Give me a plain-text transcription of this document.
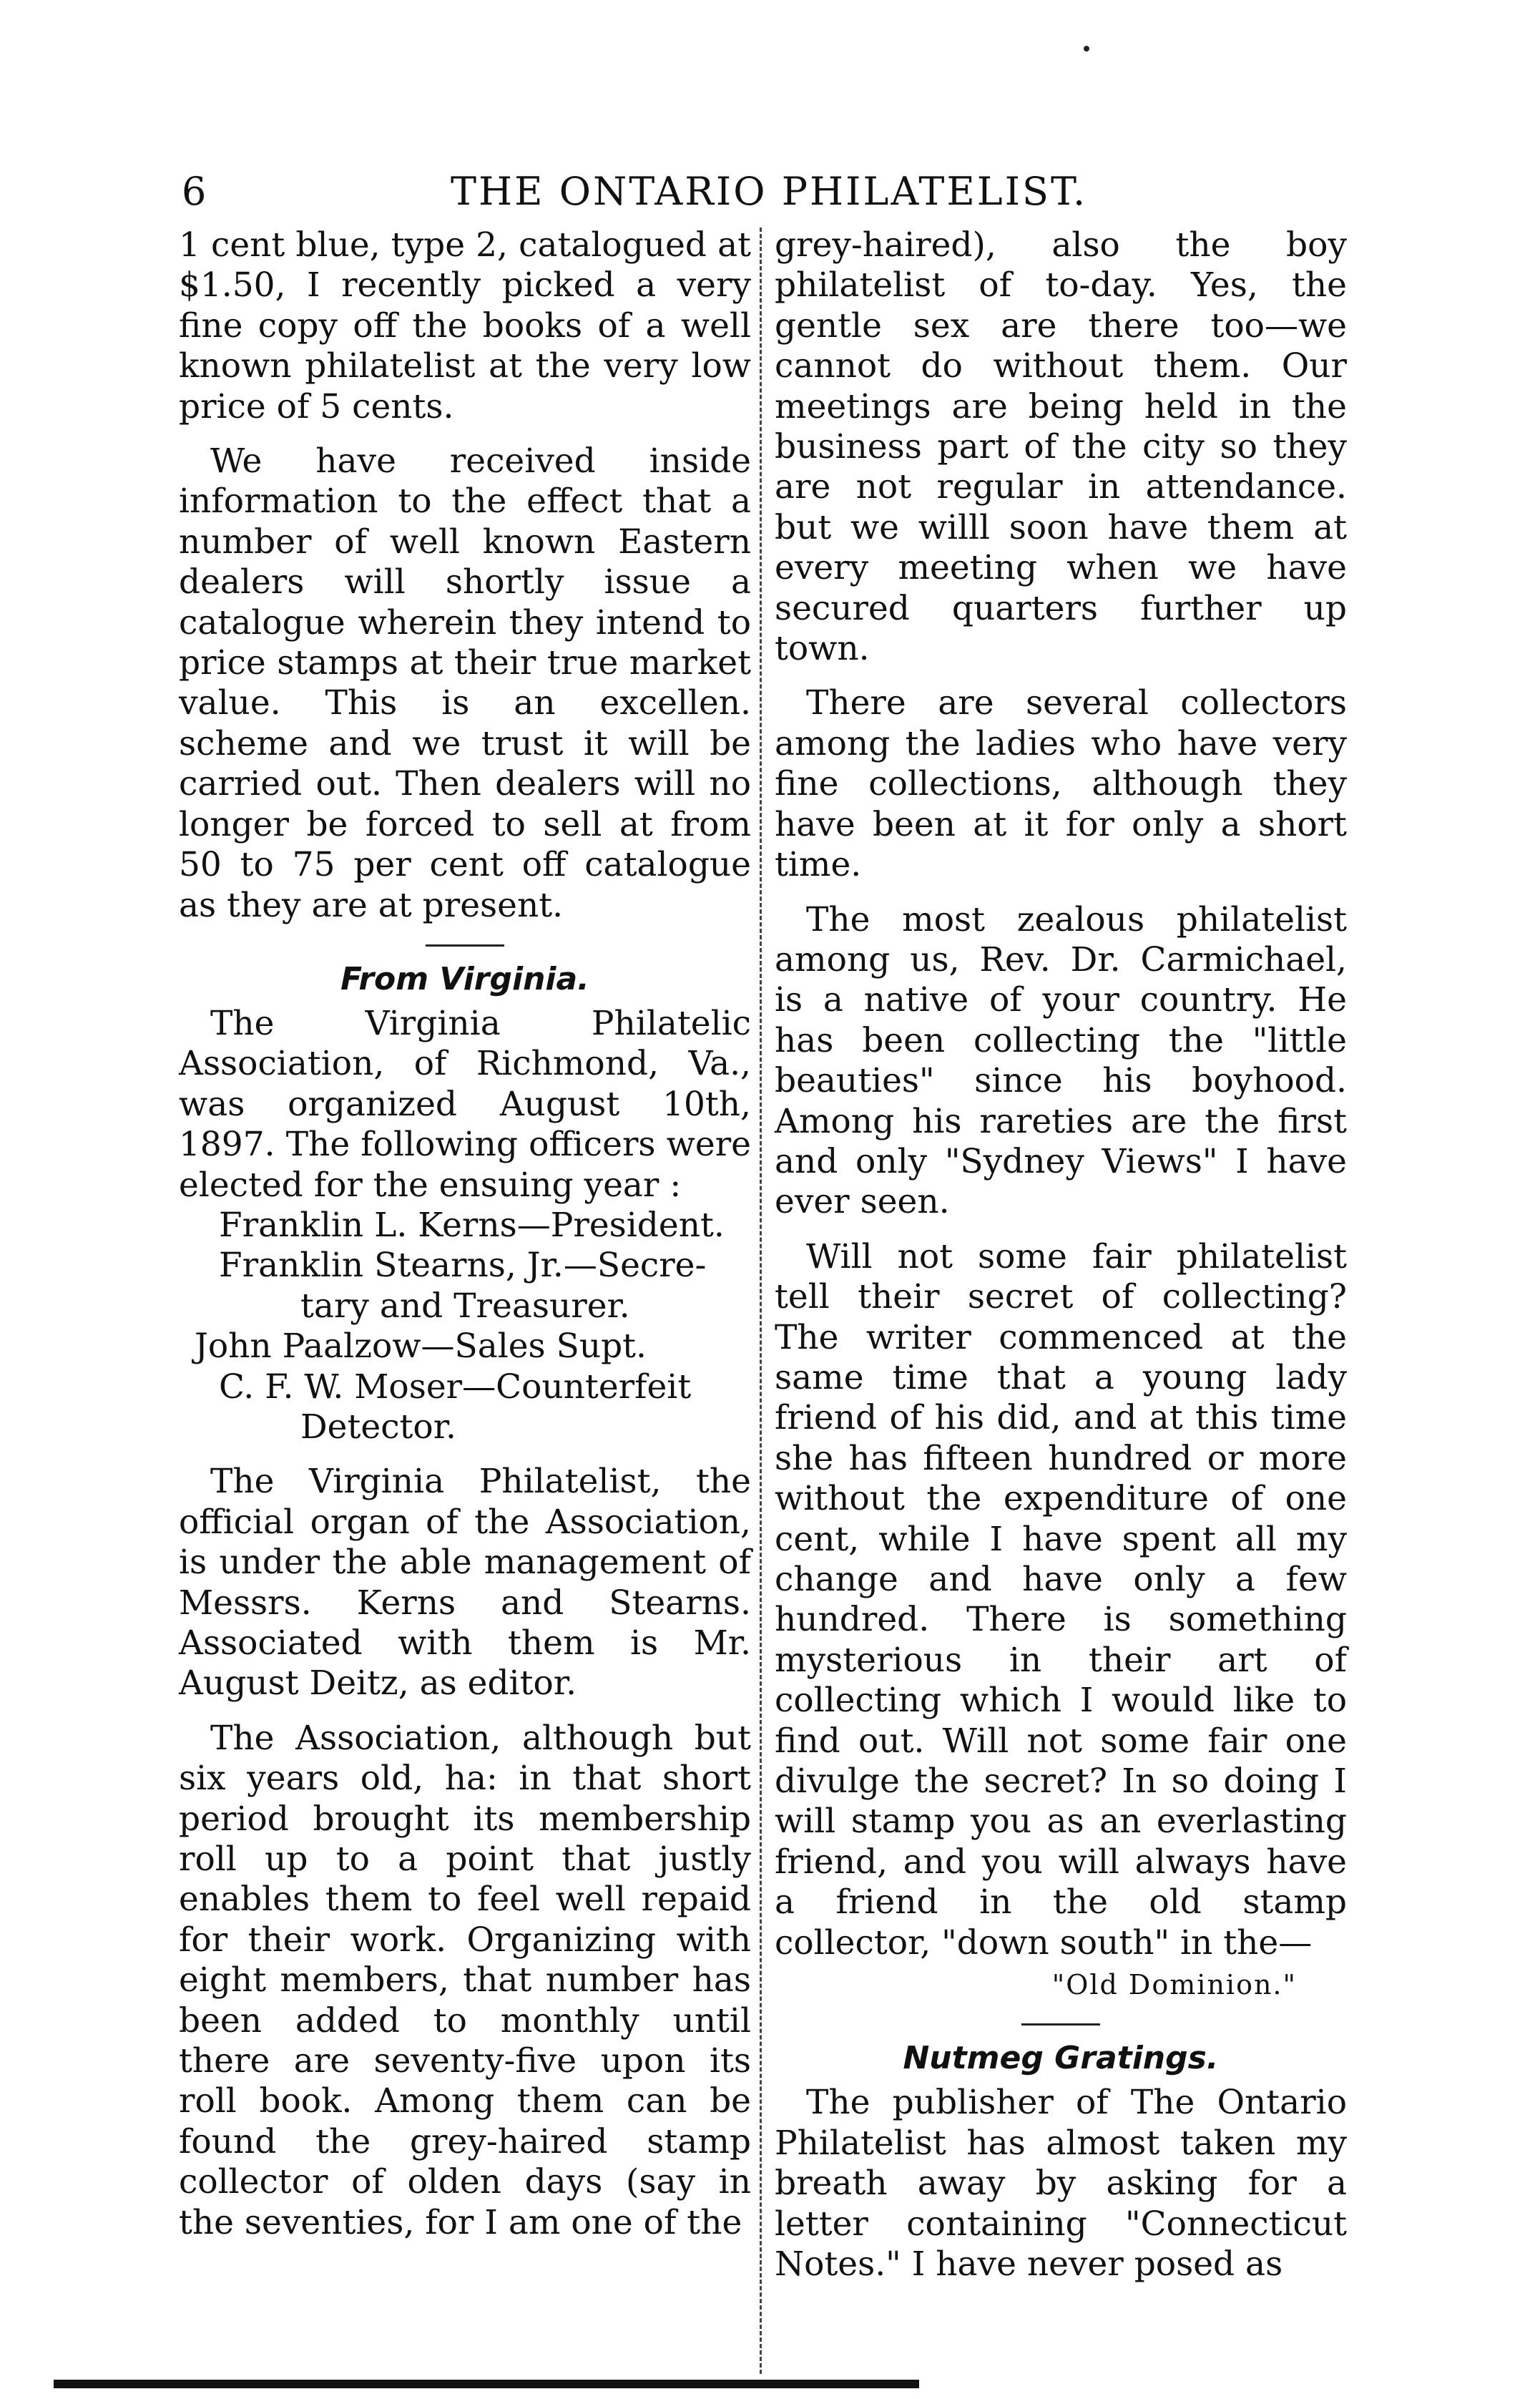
6	THE ONTARIO PHILATELIST.

1 cent blue, type 2, catalogued at $1.50, I recently picked a very fine copy off the books of a well known philatelist at the very low price of 5 cents.

We have received inside information to the effect that a number of well known Eastern dealers will shortly issue a catalogue wherein they intend to price stamps at their true market value. This is an excellen. scheme and we trust it will be carried out. Then dealers will no longer be forced to sell at from 50 to 75 per cent off catalogue as they are at present.

From Virginia.

The Virginia Philatelic Association, of Richmond, Va., was organized August 10th, 1897. The following officers were elected for the ensuing year :

Franklin L. Kerns—President.

Franklin Stearns, Jr.—Secre-
tary and Treasurer.

John Paalzow—Sales Supt.

C. F. W. Moser—Counterfeit
Detector.

The Virginia Philatelist, the official organ of the Association, is under the able management of Messrs. Kerns and Stearns. Associated with them is Mr. August Deitz, as editor.

The Association, although but six years old, ha: in that short period brought its membership roll up to a point that justly enables them to feel well repaid for their work. Organizing with eight members, that number has been added to monthly until there are seventy-five upon its roll book. Among them can be found the grey-haired stamp collector of olden days (say in the seventies, for I am one of the

grey-haired), also the boy philatelist of to-day. Yes, the gentle sex are there too—we cannot do without them. Our meetings are being held in the business part of the city so they are not regular in attendance. but we willl soon have them at every meeting when we have secured quarters further up town.

There are several collectors among the ladies who have very fine collections, although they have been at it for only a short time.

The most zealous philatelist among us, Rev. Dr. Carmichael, is a native of your country. He has been collecting the "little beauties" since his boyhood. Among his rareties are the first and only "Sydney Views" I have ever seen.

Will not some fair philatelist tell their secret of collecting? The writer commenced at the same time that a young lady friend of his did, and at this time she has fifteen hundred or more without the expenditure of one cent, while I have spent all my change and have only a few hundred. There is something mysterious in their art of collecting which I would like to find out. Will not some fair one divulge the secret? In so doing I will stamp you as an everlasting friend, and you will always have a friend in the old stamp collector, "down south" in the—

"Old Dominion."

Nutmeg Gratings.

The publisher of The Ontario Philatelist has almost taken my breath away by asking for a letter containing "Connecticut Notes." I have never posed as
